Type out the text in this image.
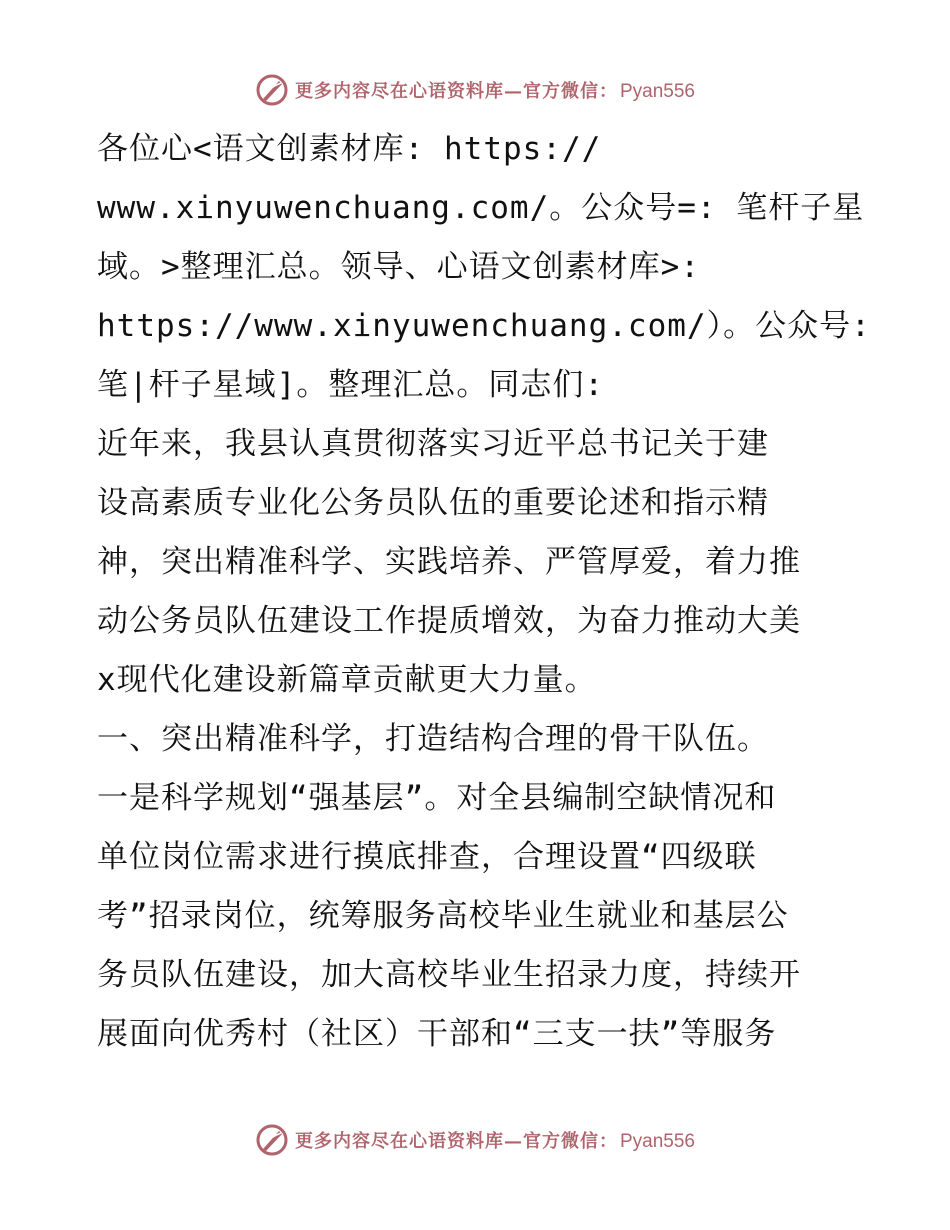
更多内容尽在心语资料库—官方微信： Pyan556
各位心<语文创素材库: https://
www.xinyuwenchuang.com/。公众号=: 笔杆子星
域。>整理汇总。领导、心语文创素材库>:
https://www.xinyuwenchuang.com/）。公众号:
笔|杆子星域]。整理汇总。同志们:
近年来，我县认真贯彻落实习近平总书记关于建
设高素质专业化公务员队伍的重要论述和指示精
神，突出精准科学、实践培养、严管厚爱，着力推
动公务员队伍建设工作提质增效，为奋力推动大美
x现代化建设新篇章贡献更大力量。
一、突出精准科学，打造结构合理的骨干队伍。
一是科学规划“强基层”。对全县编制空缺情况和
单位岗位需求进行摸底排查，合理设置“四级联
考”招录岗位，统筹服务高校毕业生就业和基层公
务员队伍建设，加大高校毕业生招录力度，持续开
展面向优秀村（社区）干部和“三支一扶”等服务
更多内容尽在心语资料库—官方微信： Pyan556
